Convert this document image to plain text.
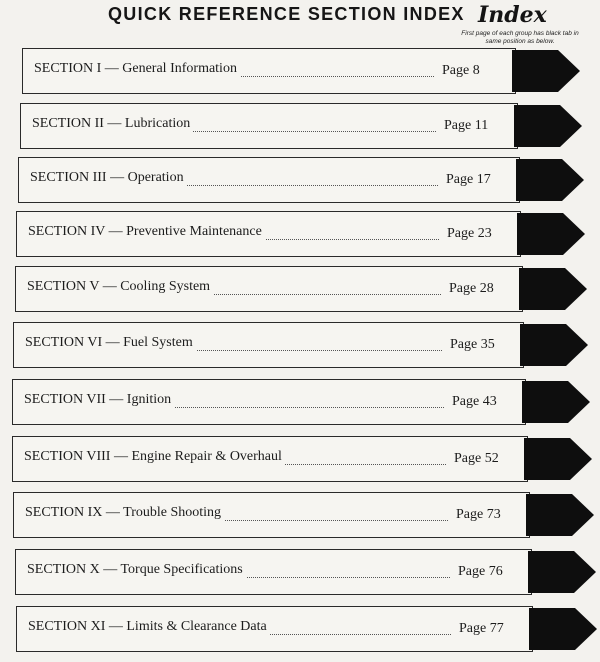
QUICK REFERENCE SECTION INDEX Index
First page of each group has black tab in same position as below.
SECTION I — General Information	Page 8
SECTION II — Lubrication	Page 11
SECTION III — Operation	Page 17
SECTION IV — Preventive Maintenance	Page 23
SECTION V — Cooling System	Page 28
SECTION VI — Fuel System	Page 35
SECTION VII — Ignition	Page 43
SECTION VIII — Engine Repair & Overhaul	Page 52
SECTION IX — Trouble Shooting	Page 73
SECTION X — Torque Specifications	Page 76
SECTION XI — Limits & Clearance Data	Page 77
